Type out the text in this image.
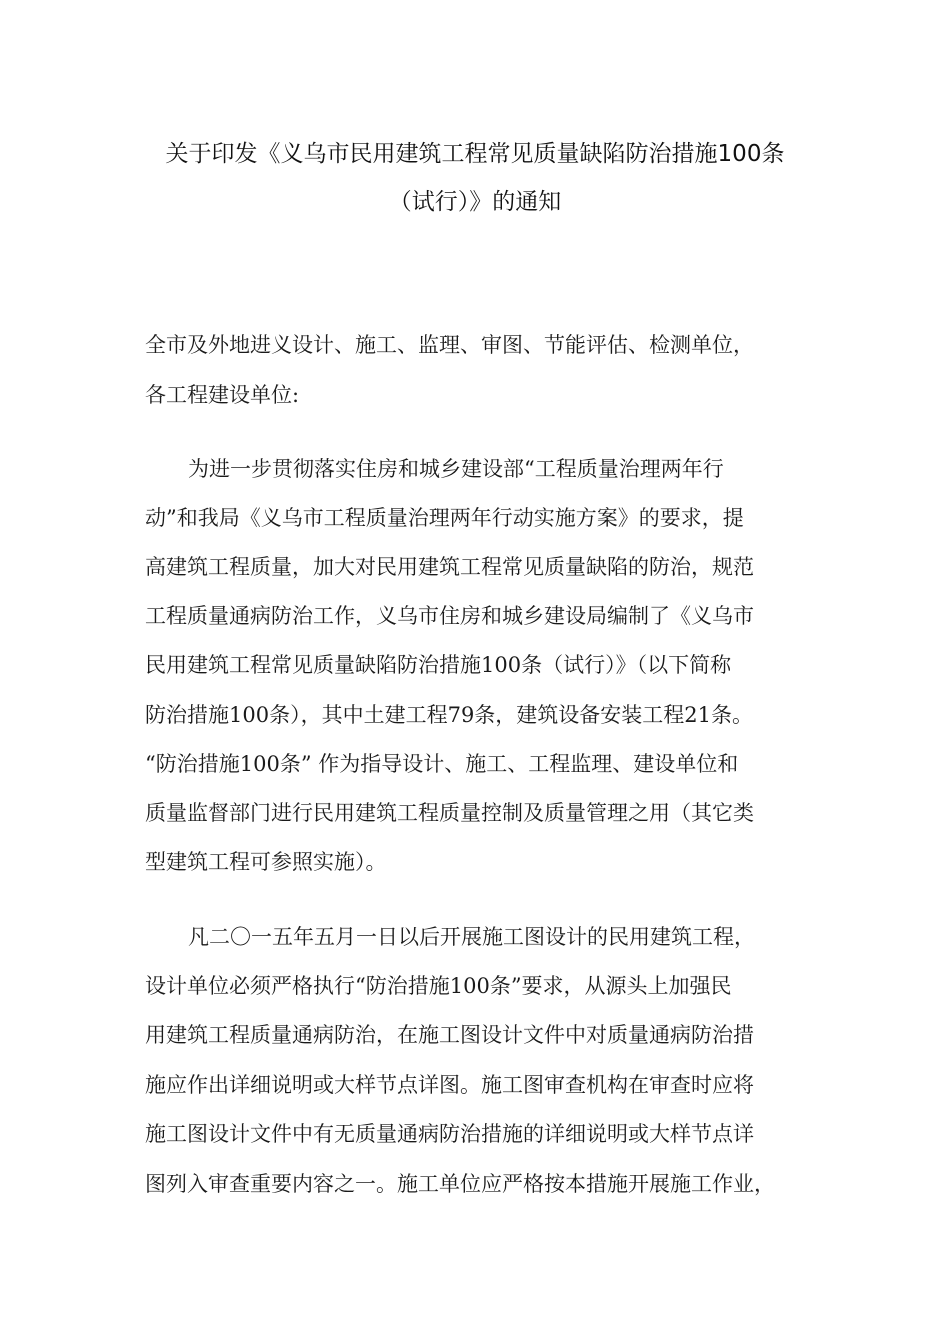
关于印发《义乌市民用建筑工程常见质量缺陷防治措施100条
（试行）》的通知
全市及外地进义设计、施工、监理、审图、节能评估、检测单位，
各工程建设单位:
为进一步贯彻落实住房和城乡建设部“工程质量治理两年行
动”和我局《义乌市工程质量治理两年行动实施方案》的要求，提
高建筑工程质量，加大对民用建筑工程常见质量缺陷的防治，规范
工程质量通病防治工作，义乌市住房和城乡建设局编制了《义乌市
民用建筑工程常见质量缺陷防治措施100条（试行）》（以下简称
防治措施100条），其中土建工程79条，建筑设备安装工程21条。
“防治措施100条” 作为指导设计、施工、工程监理、建设单位和
质量监督部门进行民用建筑工程质量控制及质量管理之用（其它类
型建筑工程可参照实施）。
凡二〇一五年五月一日以后开展施工图设计的民用建筑工程，
设计单位必须严格执行“防治措施100条”要求，从源头上加强民
用建筑工程质量通病防治，在施工图设计文件中对质量通病防治措
施应作出详细说明或大样节点详图。施工图审查机构在审查时应将
施工图设计文件中有无质量通病防治措施的详细说明或大样节点详
图列入审查重要内容之一。施工单位应严格按本措施开展施工作业，
